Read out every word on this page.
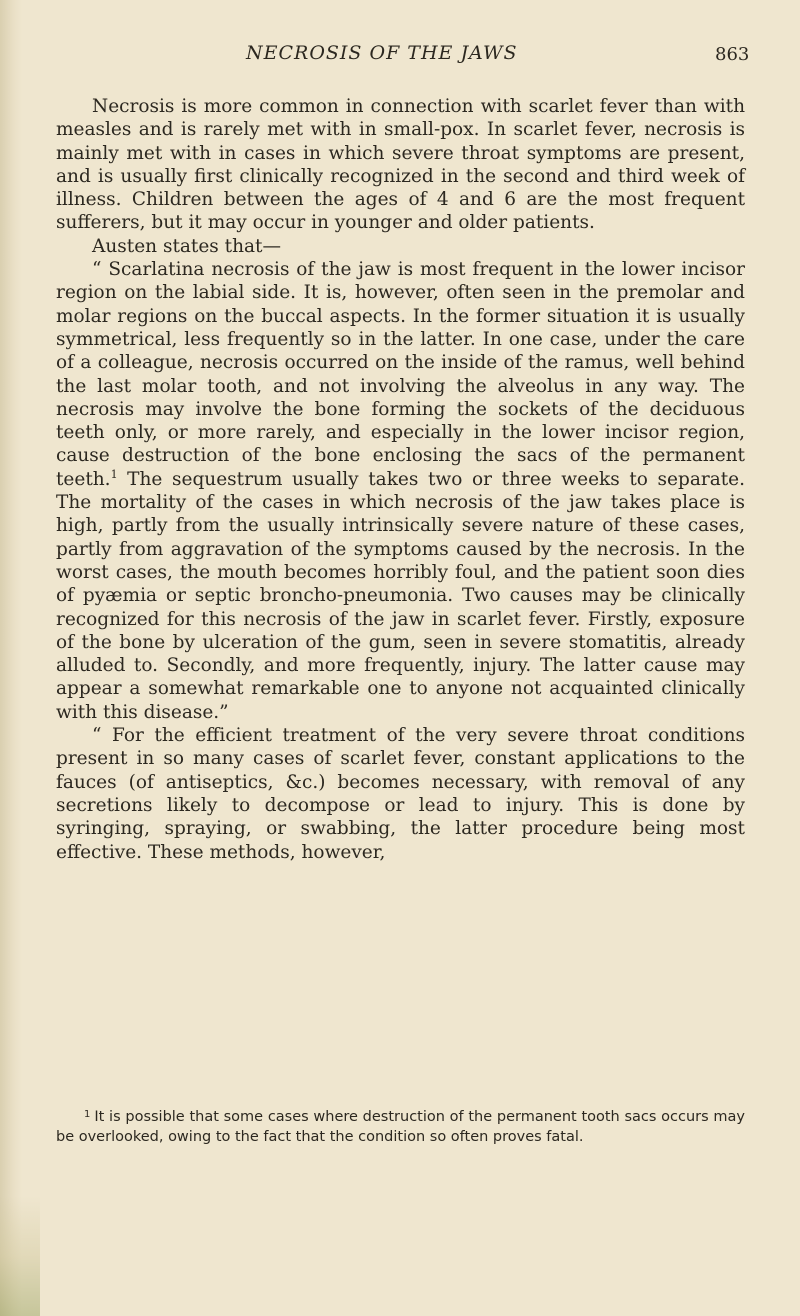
NECROSIS OF THE JAWS	863

Necrosis is more common in connection with scarlet fever than with measles and is rarely met with in small-pox. In scarlet fever, necrosis is mainly met with in cases in which severe throat symptoms are present, and is usually first clinically recognized in the second and third week of illness. Children between the ages of 4 and 6 are the most frequent sufferers, but it may occur in younger and older patients.

Austen states that—

“ Scarlatina necrosis of the jaw is most frequent in the lower incisor region on the labial side. It is, however, often seen in the premolar and molar regions on the buccal aspects. In the former situation it is usually symmetrical, less frequently so in the latter. In one case, under the care of a colleague, necrosis occurred on the inside of the ramus, well behind the last molar tooth, and not involving the alveolus in any way. The necrosis may involve the bone forming the sockets of the deciduous teeth only, or more rarely, and especially in the lower incisor region, cause destruction of the bone enclosing the sacs of the permanent teeth.$^1$ The sequestrum usually takes two or three weeks to separate. The mortality of the cases in which necrosis of the jaw takes place is high, partly from the usually intrinsically severe nature of these cases, partly from aggravation of the symptoms caused by the necrosis. In the worst cases, the mouth becomes horribly foul, and the patient soon dies of pyæmia or septic broncho-pneumonia. Two causes may be clinically recognized for this necrosis of the jaw in scarlet fever. Firstly, exposure of the bone by ulceration of the gum, seen in severe stomatitis, already alluded to. Secondly, and more frequently, injury. The latter cause may appear a somewhat remarkable one to anyone not acquainted clinically with this disease.”

“ For the efficient treatment of the very severe throat conditions present in so many cases of scarlet fever, constant applications to the fauces (of antiseptics, &c.) becomes necessary, with removal of any secretions likely to decompose or lead to injury. This is done by syringing, spraying, or swabbing, the latter procedure being most effective. These methods, however,

$^1$ It is possible that some cases where destruction of the permanent tooth sacs occurs may be overlooked, owing to the fact that the condition so often proves fatal.
